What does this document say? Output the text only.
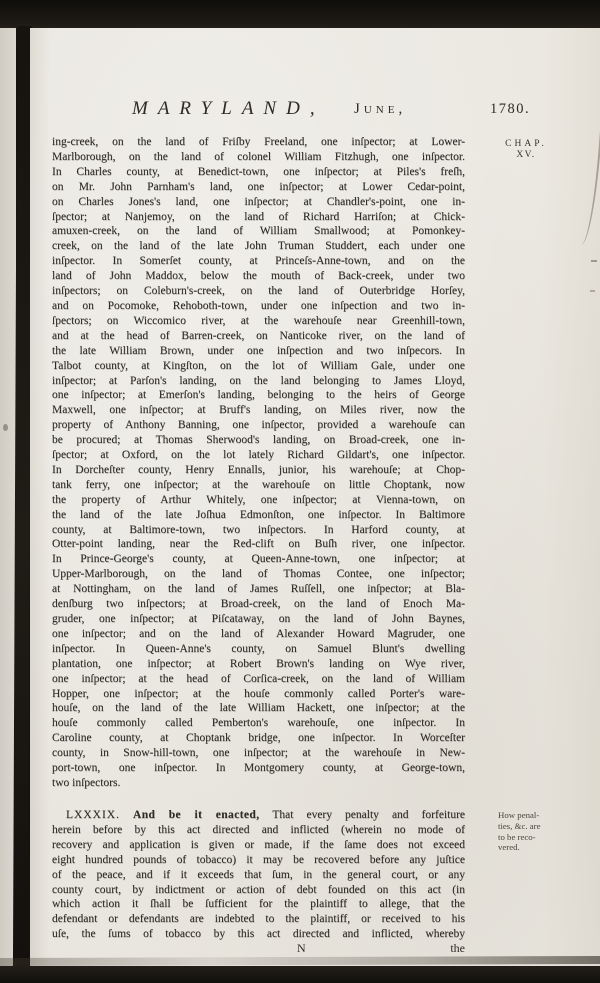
MARYLAND, June,	1780.
CHAP.
XV.
ing-creek, on the land of Friſby Freeland, one inſpector; at Lower-
Marlborough, on the land of colonel William Fitzhugh, one inſpector.
In Charles county, at Benedict-town, one inſpector; at Piles's freſh,
on Mr. John Parnham's land, one inſpector; at Lower Cedar-point,
on Charles Jones's land, one inſpector; at Chandler's-point, one in-
ſpector; at Nanjemoy, on the land of Richard Harriſon; at Chick-
amuxen-creek, on the land of William Smallwood; at Pomonkey-
creek, on the land of the late John Truman Studdert, each under one
inſpector. In Somerſet county, at Princeſs-Anne-town, and on the
land of John Maddox, below the mouth of Back-creek, under two
inſpectors; on Coleburn's-creek, on the land of Outerbridge Horſey,
and on Pocomoke, Rehoboth-town, under one inſpection and two in-
ſpectors; on Wiccomico river, at the warehouſe near Greenhill-town,
and at the head of Barren-creek, on Nanticoke river, on the land of
the late William Brown, under one inſpection and two inſpecors. In
Talbot county, at Kingſton, on the lot of William Gale, under one
inſpector; at Parſon's landing, on the land belonging to James Lloyd,
one inſpector; at Emerſon's landing, belonging to the heirs of George
Maxwell, one inſpector; at Bruff's landing, on Miles river, now the
property of Anthony Banning, one inſpector, provided a warehouſe can
be procured; at Thomas Sherwood's landing, on Broad-creek, one in-
ſpector; at Oxford, on the lot lately Richard Gildart's, one inſpector.
In Dorcheſter county, Henry Ennalls, junior, his warehouſe; at Chop-
tank ferry, one inſpector; at the warehouſe on little Choptank, now
the property of Arthur Whitely, one inſpector; at Vienna-town, on
the land of the late Joſhua Edmonſton, one inſpector. In Baltimore
county, at Baltimore-town, two inſpectors. In Harford county, at
Otter-point landing, near the Red-clift on Buſh river, one inſpector.
In Prince-George's county, at Queen-Anne-town, one inſpector; at
Upper-Marlborough, on the land of Thomas Contee, one inſpector;
at Nottingham, on the land of James Ruſſell, one inſpector; at Bla-
denſburg two inſpectors; at Broad-creek, on the land of Enoch Ma-
gruder, one inſpector; at Piſcataway, on the land of John Baynes,
one inſpector; and on the land of Alexander Howard Magruder, one
inſpector. In Queen-Anne's county, on Samuel Blunt's dwelling
plantation, one inſpector; at Robert Brown's landing on Wye river,
one inſpector; at the head of Corſica-creek, on the land of William
Hopper, one inſpector; at the houſe commonly called Porter's ware-
houſe, on the land of the late William Hackett, one inſpector; at the
houſe commonly called Pemberton's warehouſe, one inſpector. In
Caroline county, at Choptank bridge, one inſpector. In Worceſter
county, in Snow-hill-town, one inſpector; at the warehouſe in New-
port-town, one inſpector. In Montgomery county, at George-town,
two inſpectors.
LXXXIX. And be it enacted, That every penalty and forfeiture
herein before by this act directed and inflicted (wherein no mode of
recovery and application is given or made, if the ſame does not exceed
eight hundred pounds of tobacco) it may be recovered before any juſtice
of the peace, and if it exceeds that ſum, in the general court, or any
county court, by indictment or action of debt founded on this act (in
which action it ſhall be ſufficient for the plaintiff to allege, that the
defendant or defendants are indebted to the plaintiff, or received to his
uſe, the ſums of tobacco by this act directed and inflicted, whereby
How penal-
ties, &c. are
to be reco-
vered.
N	the
